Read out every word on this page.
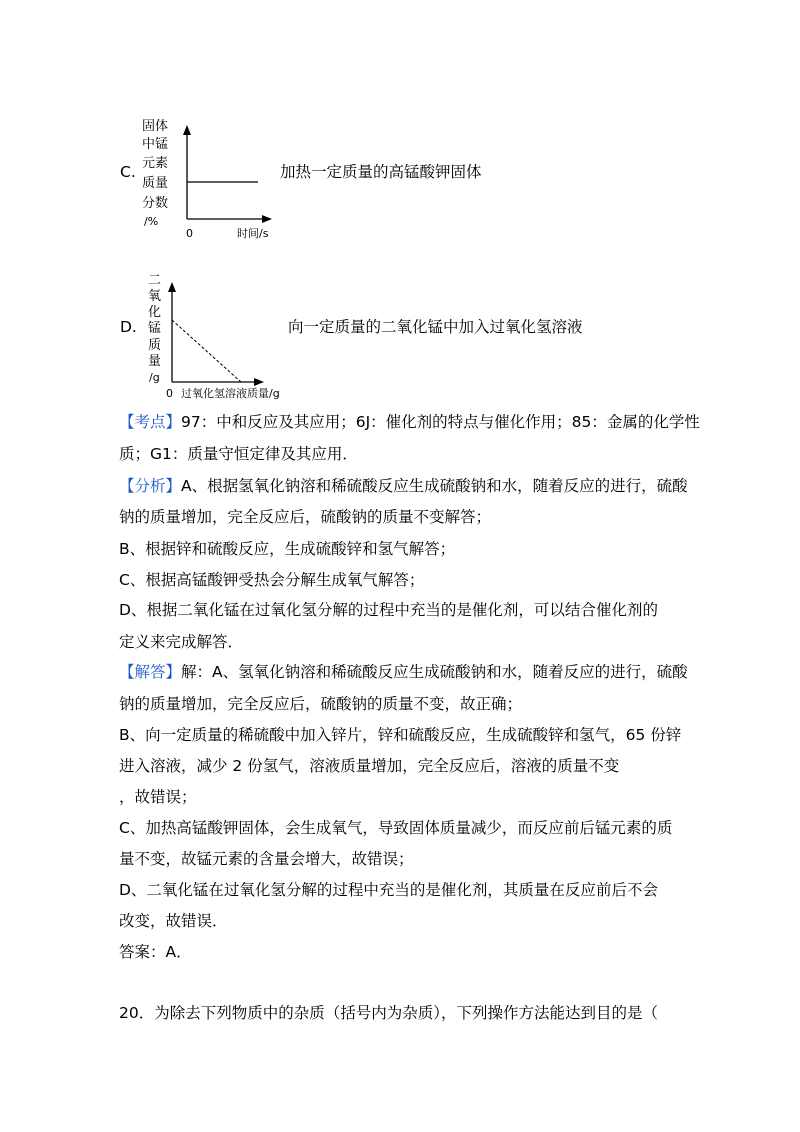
C.
固体
中锰
元素
质量
分数
/%
0	时间/s
加热一定质量的高锰酸钾固体
D.
二
氧
化
锰
质
量
/g
0 过氧化氢溶液质量/g
向一定质量的二氧化锰中加入过氧化氢溶液
【考点】97：中和反应及其应用；6J：催化剂的特点与催化作用；85：金属的化学性
质；G1：质量守恒定律及其应用．
【分析】A、根据氢氧化钠溶和稀硫酸反应生成硫酸钠和水，随着反应的进行，硫酸
钠的质量增加，完全反应后，硫酸钠的质量不变解答；
B、根据锌和硫酸反应，生成硫酸锌和氢气解答；
C、根据高锰酸钾受热会分解生成氧气解答；
D、根据二氧化锰在过氧化氢分解的过程中充当的是催化剂，可以结合催化剂的
定义来完成解答．
【解答】解：A、氢氧化钠溶和稀硫酸反应生成硫酸钠和水，随着反应的进行，硫酸
钠的质量增加，完全反应后，硫酸钠的质量不变，故正确；
B、向一定质量的稀硫酸中加入锌片，锌和硫酸反应，生成硫酸锌和氢气，65 份锌
进入溶液，减少 2 份氢气，溶液质量增加，完全反应后，溶液的质量不变
，故错误；
C、加热高锰酸钾固体，会生成氧气，导致固体质量减少，而反应前后锰元素的质
量不变，故锰元素的含量会增大，故错误；
D、二氧化锰在过氧化氢分解的过程中充当的是催化剂，其质量在反应前后不会
改变，故错误．
答案：A．
20．为除去下列物质中的杂质（括号内为杂质），下列操作方法能达到目的是（
